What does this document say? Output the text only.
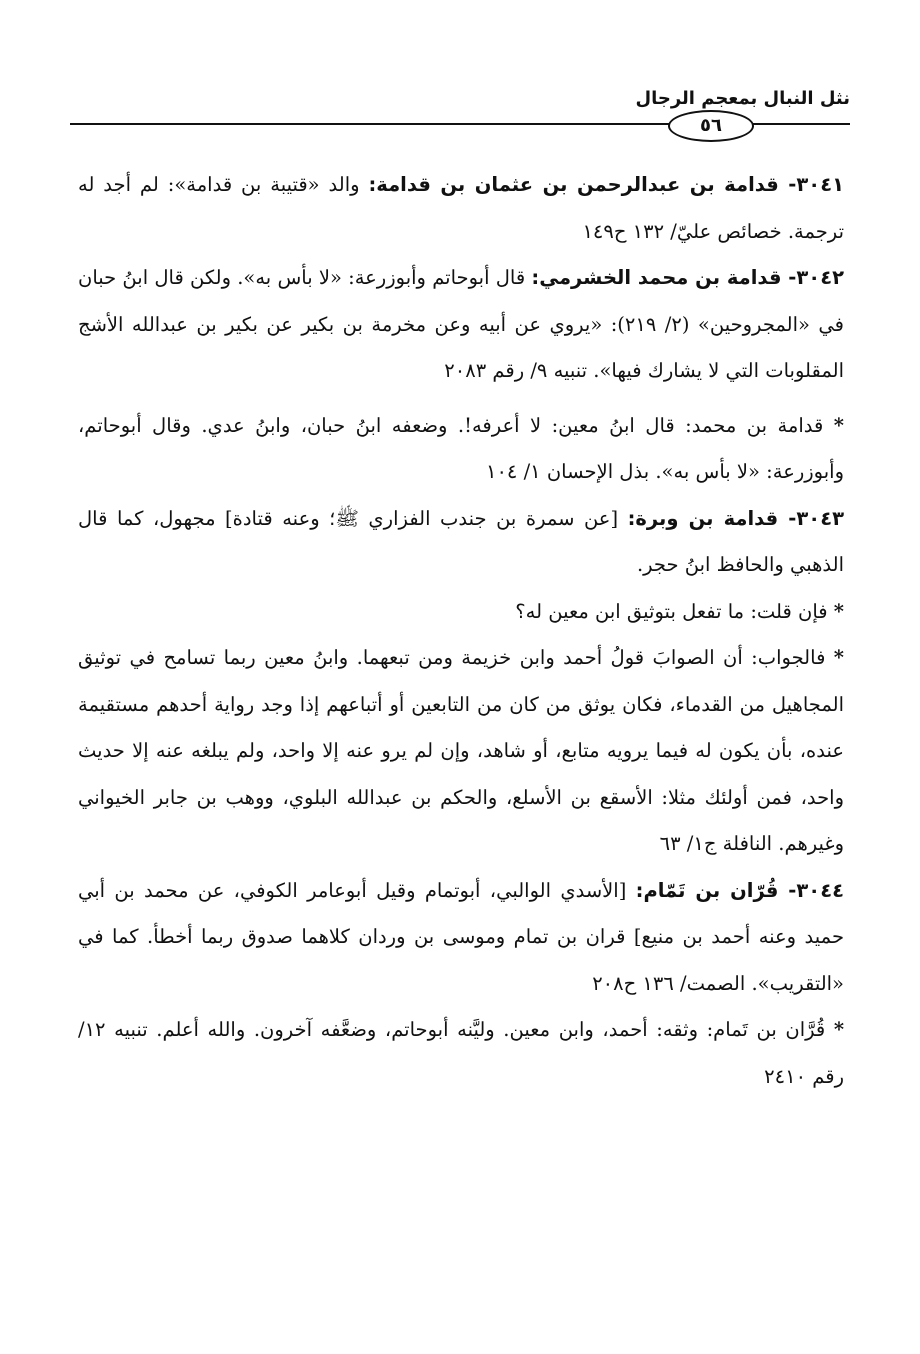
نثل النبال بمعجم الرجال
٥٦

٣٠٤١- قدامة بن عبدالرحمن بن عثمان بن قدامة: والد «قتيبة بن قدامة»: لم أجد له ترجمة. خصائص عليّ/ ١٣٢ ح١٤٩

٣٠٤٢- قدامة بن محمد الخشرمي: قال أبوحاتم وأبوزرعة: «لا بأس به». ولكن قال ابنُ حبان في «المجروحين» (٢/ ٢١٩): «يروي عن أبيه وعن مخرمة بن بكير عن بكير بن عبدالله الأشج المقلوبات التي لا يشارك فيها». تنبيه ٩/ رقم ٢٠٨٣

* قدامة بن محمد: قال ابنُ معين: لا أعرفه!. وضعفه ابنُ حبان، وابنُ عدي. وقال أبوحاتم، وأبوزرعة: «لا بأس به». بذل الإحسان ١/ ١٠٤

٣٠٤٣- قدامة بن وبرة: [عن سمرة بن جندب الفزاري ﷺ؛ وعنه قتادة] مجهول، كما قال الذهبي والحافظ ابنُ حجر.

* فإن قلت: ما تفعل بتوثيق ابن معين له؟

* فالجواب: أن الصوابَ قولُ أحمد وابن خزيمة ومن تبعهما. وابنُ معين ربما تسامح في توثيق المجاهيل من القدماء، فكان يوثق من كان من التابعين أو أتباعهم إذا وجد رواية أحدهم مستقيمة عنده، بأن يكون له فيما يرويه متابع، أو شاهد، وإن لم يرو عنه إلا واحد، ولم يبلغه عنه إلا حديث واحد، فمن أولئك مثلا: الأسقع بن الأسلع، والحكم بن عبدالله البلوي، ووهب بن جابر الخيواني وغيرهم. النافلة ج١/ ٦٣

٣٠٤٤- قُرّان بن تَمّام: [الأسدي الوالبي، أبوتمام وقيل أبوعامر الكوفي، عن محمد بن أبي حميد وعنه أحمد بن منيع] قران بن تمام وموسى بن وردان كلاهما صدوق ربما أخطأ. كما في «التقريب». الصمت/ ١٣٦ ح٢٠٨

* قُرَّان بن تَمام: وثقه: أحمد، وابن معين. وليَّنه أبوحاتم، وضعَّفه آخرون. والله أعلم. تنبيه ١٢/ رقم ٢٤١٠
